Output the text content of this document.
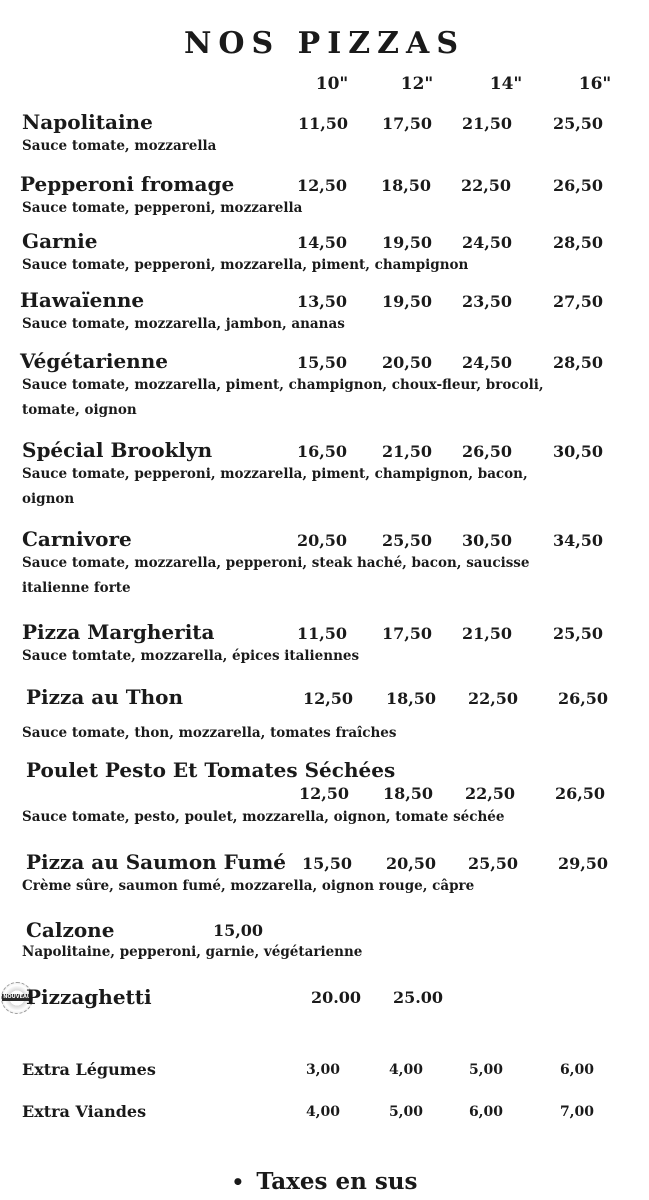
NOS PIZZAS
10"	12"	14"	16"
Napolitaine	11,50	17,50	21,50	25,50
Sauce tomate, mozzarella
Pepperoni fromage	12,50	18,50	22,50	26,50
Sauce tomate, pepperoni, mozzarella
Garnie	14,50	19,50	24,50	28,50
Sauce tomate, pepperoni, mozzarella, piment, champignon
Hawaïenne	13,50	19,50	23,50	27,50
Sauce tomate, mozzarella, jambon, ananas
Végétarienne	15,50	20,50	24,50	28,50
Sauce tomate, mozzarella, piment, champignon, choux-fleur, brocoli, tomate, oignon
Spécial Brooklyn	16,50	21,50	26,50	30,50
Sauce tomate, pepperoni, mozzarella, piment, champignon, bacon, oignon
Carnivore	20,50	25,50	30,50	34,50
Sauce tomate, mozzarella, pepperoni, steak haché, bacon, saucisse italienne forte
Pizza Margherita	11,50	17,50	21,50	25,50
Sauce tomtate, mozzarella, épices italiennes
Pizza au Thon	12,50	18,50	22,50	26,50
Sauce tomate, thon, mozzarella, tomates fraîches
Poulet Pesto Et Tomates Séchées
12,50	18,50	22,50	26,50
Sauce tomate, pesto, poulet, mozzarella, oignon, tomate séchée
Pizza au Saumon Fumé 15,50	20,50	25,50	29,50
Crème sûre, saumon fumé, mozzarella, oignon rouge, câpre
Calzone	15,00
Napolitaine, pepperoni, garnie, végétarienne
NOUVEAU
Pizzaghetti	20.00	25.00
Extra Légumes	3,00	4,00	5,00	6,00
Extra Viandes	4,00	5,00	6,00	7,00
• Taxes en sus
